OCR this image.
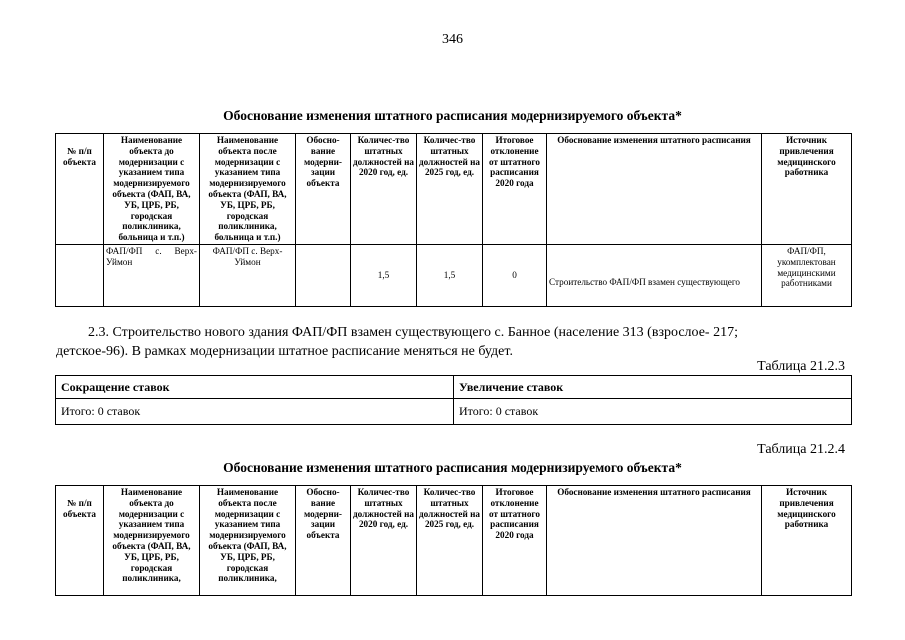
346
Обоснование изменения штатного расписания модернизируемого объекта*
№ п/п объекта	Наименование объекта до модернизации с указанием типа модернизируемого объекта (ФАП, ВА, УБ, ЦРБ, РБ, городская поликлиника, больница и т.п.)	Наименование объекта после модернизации с указанием типа модернизируемого объекта (ФАП, ВА, УБ, ЦРБ, РБ, городская поликлиника, больница и т.п.)	Обосно-вание модерни-зации объекта	Количес-тво штатных должностей на 2020 год, ед.	Количес-тво штатных должностей на 2025 год, ед.	Итоговое отклонение от штатного расписания 2020 года	Обоснование изменения штатного расписания	Источник привлечения медицинского работника
	ФАП/ФП с. Верх-Уймон	ФАП/ФП с. Верх-Уймон		1,5	1,5	0	Строительство ФАП/ФП взамен существующего	ФАП/ФП, укомплектован медицинскими работниками
2.3. Строительство нового здания ФАП/ФП взамен существующего с. Банное (население 313 (взрослое- 217; детское-96). В рамках модернизации штатное расписание меняться не будет.
Таблица 21.2.3
Сокращение ставок	Увеличение ставок
Итого: 0 ставок	Итого: 0 ставок
Таблица 21.2.4
Обоснование изменения штатного расписания модернизируемого объекта*
№ п/п объекта	Наименование объекта до модернизации с указанием типа модернизируемого объекта (ФАП, ВА, УБ, ЦРБ, РБ, городская поликлиника,	Наименование объекта после модернизации с указанием типа модернизируемого объекта (ФАП, ВА, УБ, ЦРБ, РБ, городская поликлиника,	Обосно-вание модерни-зации объекта	Количес-тво штатных должностей на 2020 год, ед.	Количес-тво штатных должностей на 2025 год, ед.	Итоговое отклонение от штатного расписания 2020 года	Обоснование изменения штатного расписания	Источник привлечения медицинского работника
